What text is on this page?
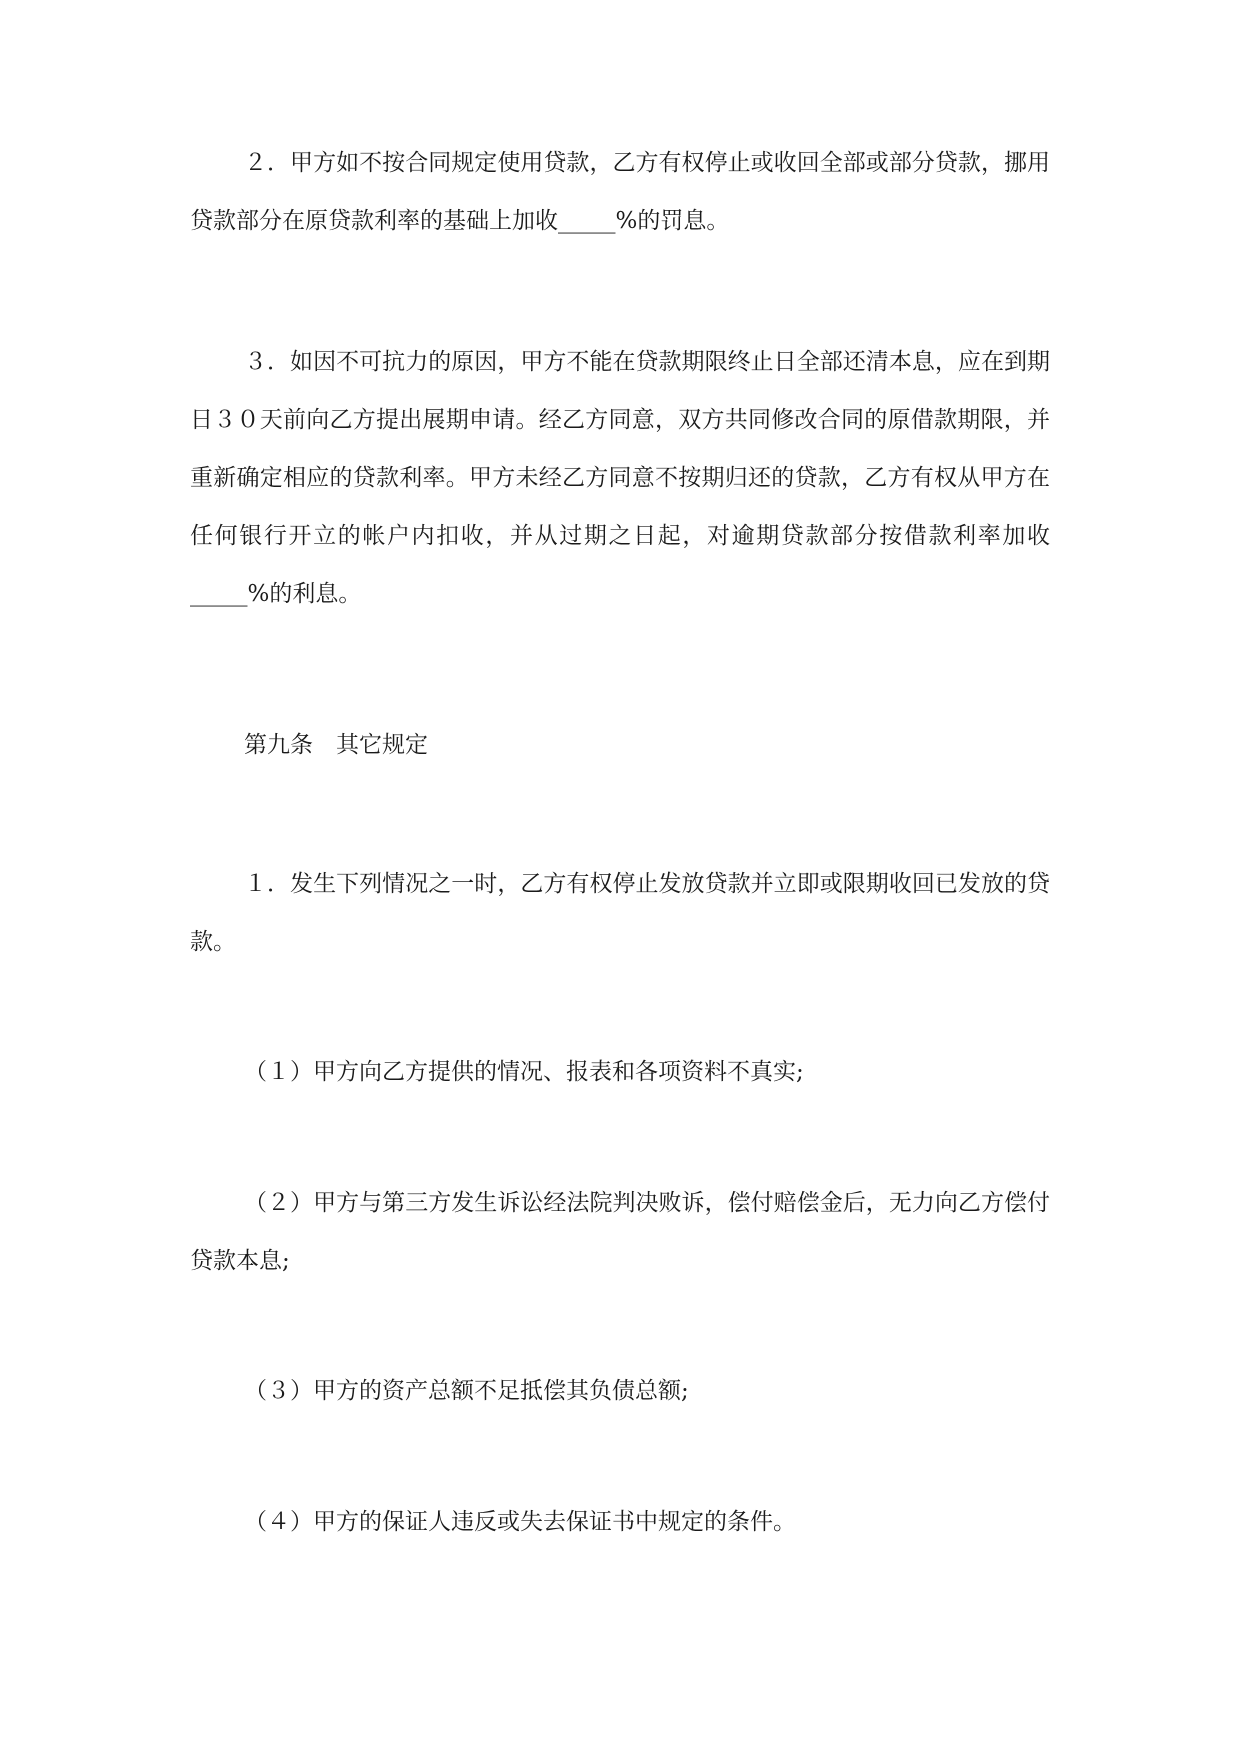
２．甲方如不按合同规定使用贷款，乙方有权停止或收回全部或部分贷款，挪用贷款部分在原贷款利率的基础上加收_____%的罚息。

３．如因不可抗力的原因，甲方不能在贷款期限终止日全部还清本息，应在到期日３０天前向乙方提出展期申请。经乙方同意，双方共同修改合同的原借款期限，并重新确定相应的贷款利率。甲方未经乙方同意不按期归还的贷款，乙方有权从甲方在任何银行开立的帐户内扣收，并从过期之日起，对逾期贷款部分按借款利率加收_____%的利息。

第九条　其它规定

１．发生下列情况之一时，乙方有权停止发放贷款并立即或限期收回已发放的贷款。

（１）甲方向乙方提供的情况、报表和各项资料不真实;

（２）甲方与第三方发生诉讼经法院判决败诉，偿付赔偿金后，无力向乙方偿付贷款本息;

（３）甲方的资产总额不足抵偿其负债总额;

（４）甲方的保证人违反或失去保证书中规定的条件。
